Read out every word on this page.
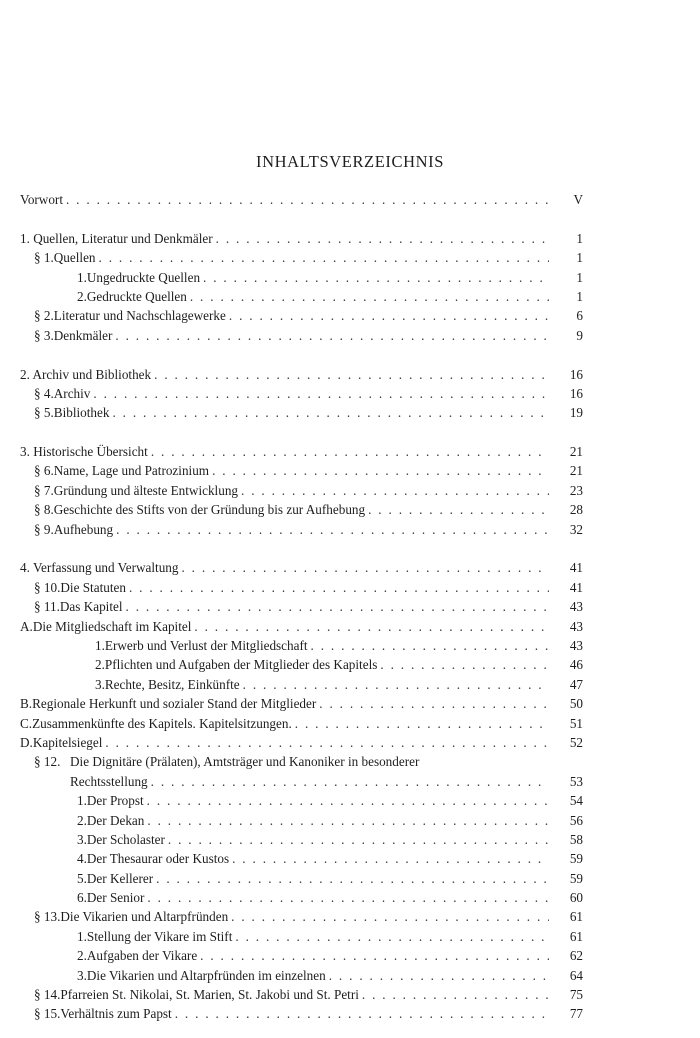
INHALTSVERZEICHNIS
Vorwort . . .	V
1. Quellen, Literatur und Denkmäler . . .	1
§ 1. Quellen . . .	1
1. Ungedruckte Quellen . . .	1
2. Gedruckte Quellen . . .	1
§ 2. Literatur und Nachschlagewerke . . .	6
§ 3. Denkmäler . . .	9
2. Archiv und Bibliothek . . .	16
§ 4. Archiv . . .	16
§ 5. Bibliothek . . .	19
3. Historische Übersicht . . .	21
§ 6. Name, Lage und Patrozinium . . .	21
§ 7. Gründung und älteste Entwicklung . . .	23
§ 8. Geschichte des Stifts von der Gründung bis zur Aufhebung . . .	28
§ 9. Aufhebung . . .	32
4. Verfassung und Verwaltung . . .	41
§ 10. Die Statuten . . .	41
§ 11. Das Kapitel . . .	43
A. Die Mitgliedschaft im Kapitel . . .	43
1. Erwerb und Verlust der Mitgliedschaft . . .	43
2. Pflichten und Aufgaben der Mitglieder des Kapitels . . .	46
3. Rechte, Besitz, Einkünfte . . .	47
B. Regionale Herkunft und sozialer Stand der Mitglieder . . .	50
C. Zusammenkünfte des Kapitels. Kapitelsitzungen. . . .	51
D. Kapitelsiegel . . .	52
§ 12. Die Dignitäre (Prälaten), Amtsträger und Kanoniker in besonderer
Rechtsstellung . . .	53
1. Der Propst . . .	54
2. Der Dekan . . .	56
3. Der Scholaster . . .	58
4. Der Thesaurar oder Kustos . . .	59
5. Der Kellerer . . .	59
6. Der Senior . . .	60
§ 13. Die Vikarien und Altarpfründen . . .	61
1. Stellung der Vikare im Stift . . .	61
2. Aufgaben der Vikare . . .	62
3. Die Vikarien und Altarpfründen im einzelnen . . .	64
§ 14. Pfarreien St. Nikolai, St. Marien, St. Jakobi und St. Petri . . .	75
§ 15. Verhältnis zum Papst . . .	77
